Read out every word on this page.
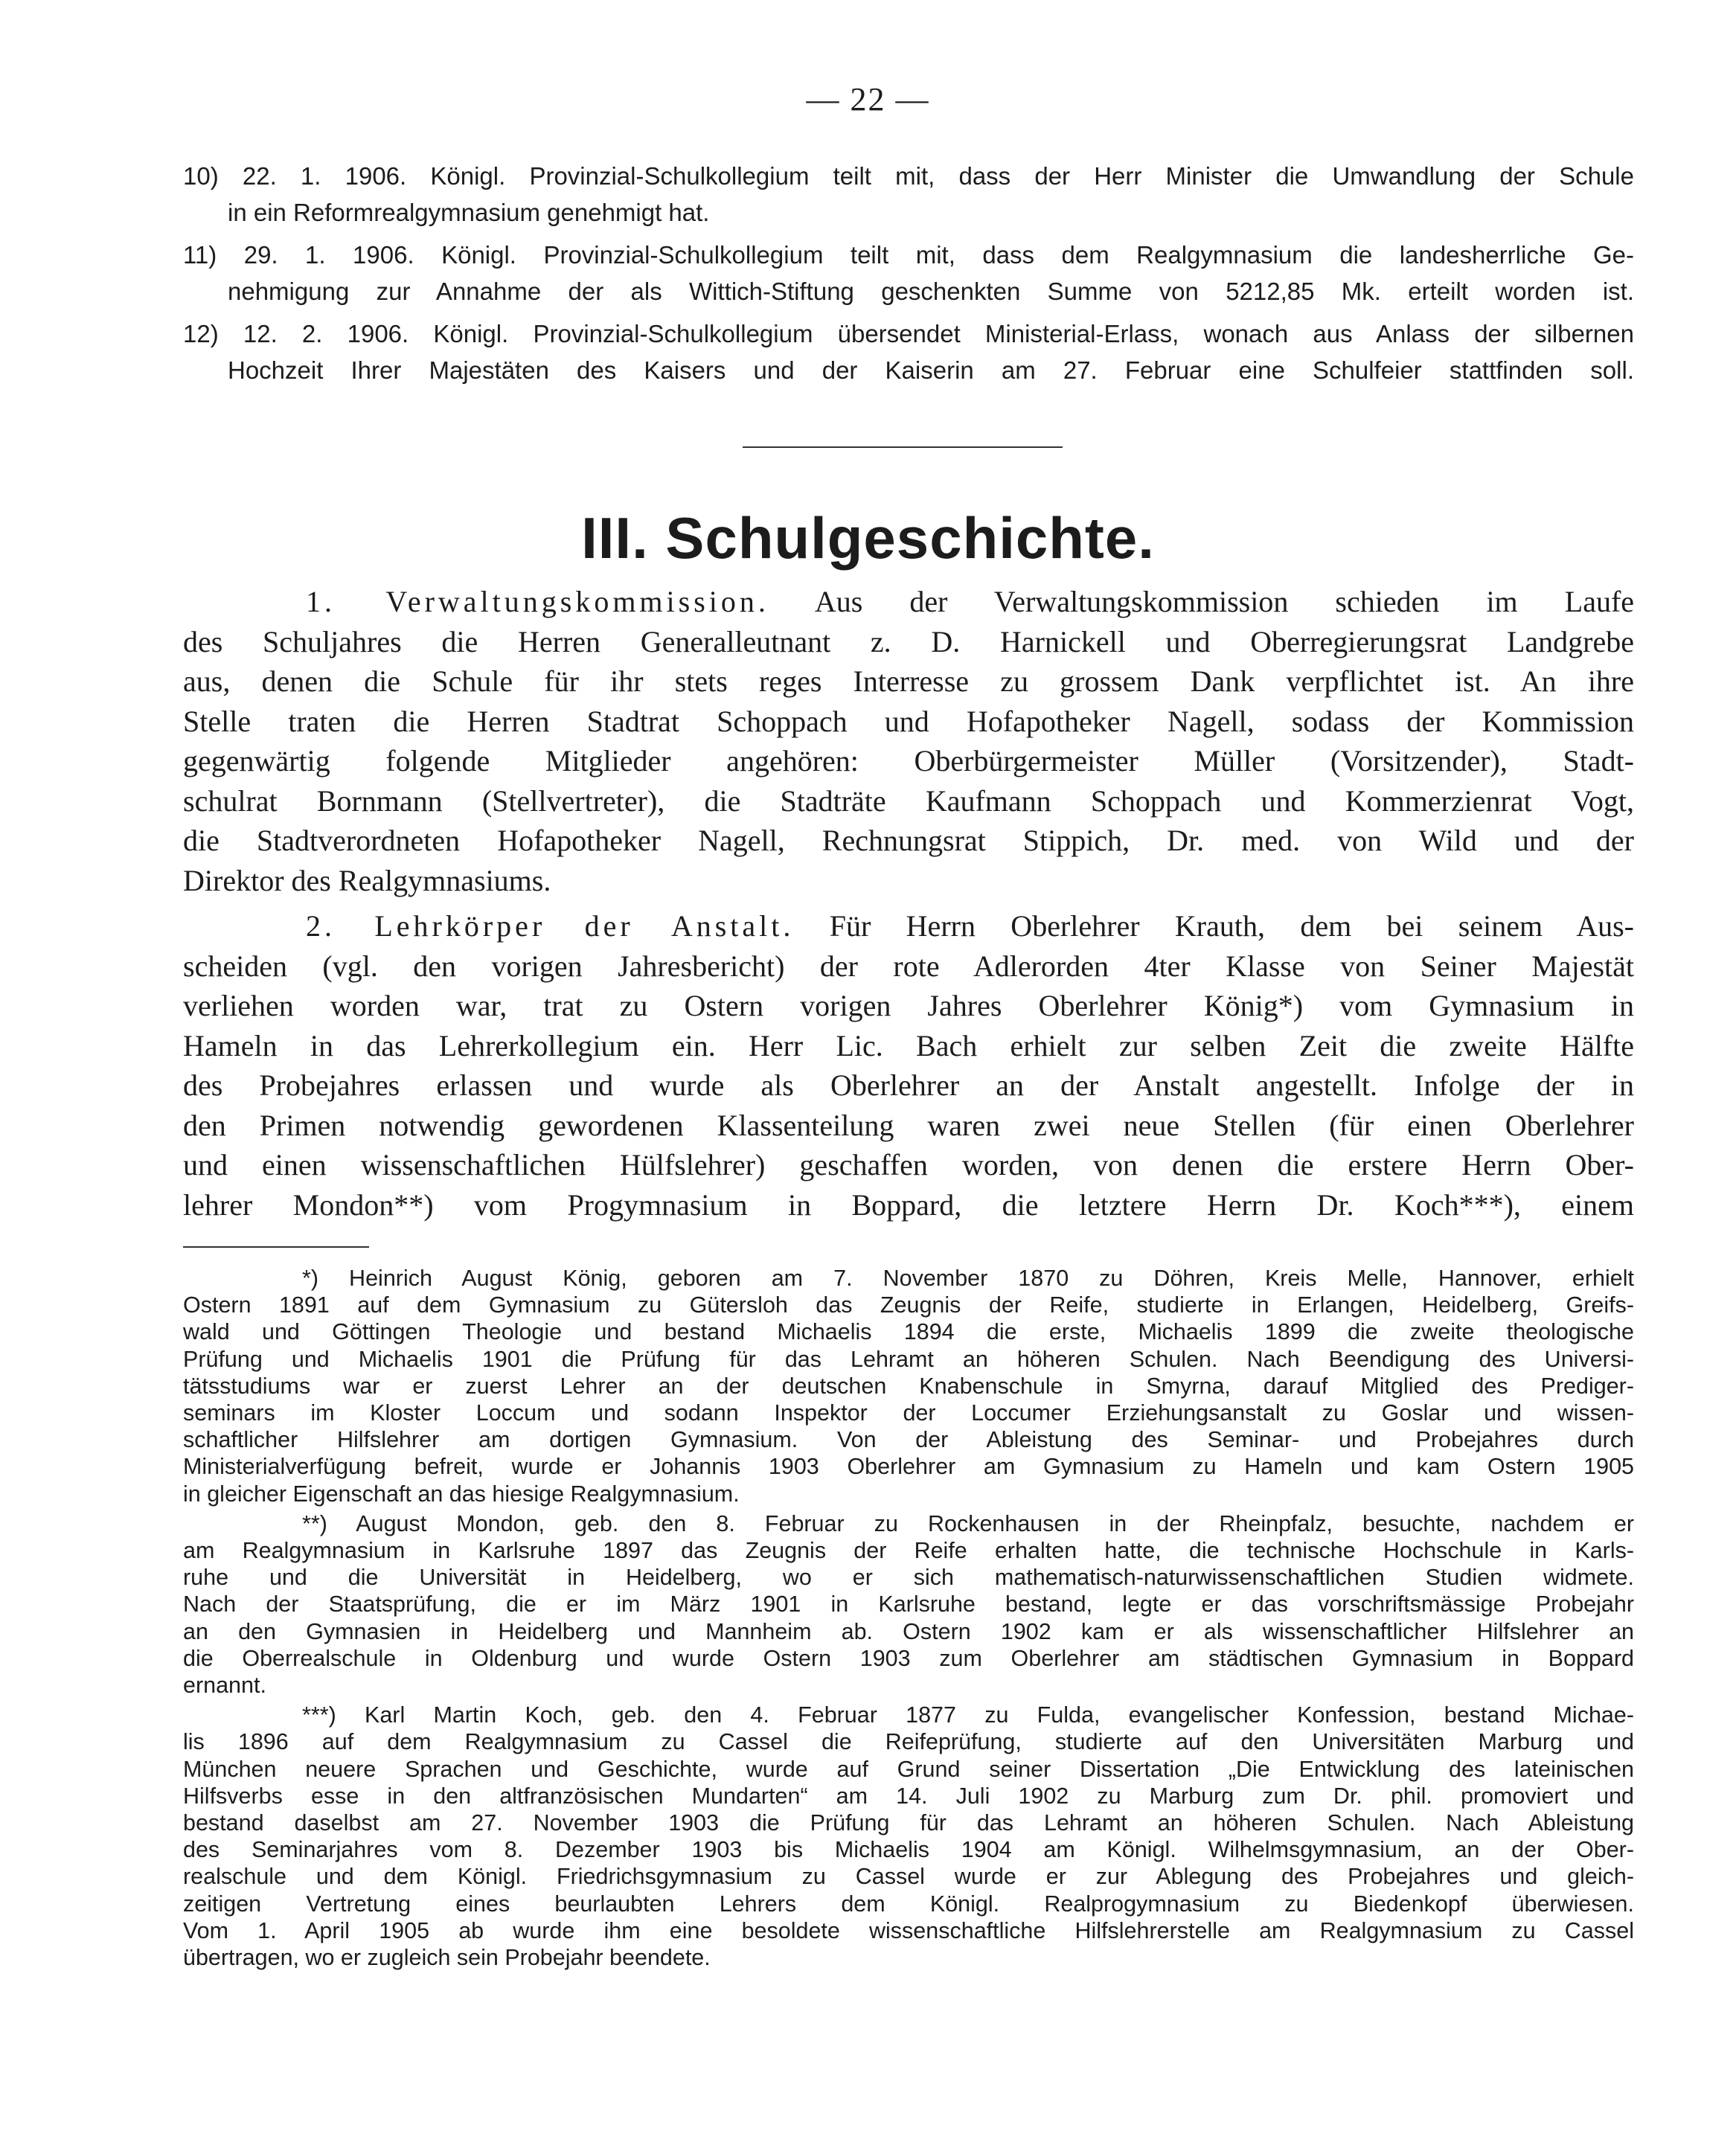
— 22 —
10) 22. 1. 1906. Königl. Provinzial-Schulkollegium teilt mit, dass der Herr Minister die Umwandlung der Schule
in ein Reformrealgymnasium genehmigt hat.
11) 29. 1. 1906. Königl. Provinzial-Schulkollegium teilt mit, dass dem Realgymnasium die landesherrliche Ge-
nehmigung zur Annahme der als Wittich-Stiftung geschenkten Summe von 5212,85 Mk. erteilt worden ist.
12) 12. 2. 1906. Königl. Provinzial-Schulkollegium übersendet Ministerial-Erlass, wonach aus Anlass der silbernen
Hochzeit Ihrer Majestäten des Kaisers und der Kaiserin am 27. Februar eine Schulfeier stattfinden soll.
III. Schulgeschichte.
1. Verwaltungskommission. Aus der Verwaltungskommission schieden im Laufe
des Schuljahres die Herren Generalleutnant z. D. Harnickell und Oberregierungsrat Landgrebe
aus, denen die Schule für ihr stets reges Interresse zu grossem Dank verpflichtet ist. An ihre
Stelle traten die Herren Stadtrat Schoppach und Hofapotheker Nagell, sodass der Kommission
gegenwärtig folgende Mitglieder angehören: Oberbürgermeister Müller (Vorsitzender), Stadt-
schulrat Bornmann (Stellvertreter), die Stadträte Kaufmann Schoppach und Kommerzienrat Vogt,
die Stadtverordneten Hofapotheker Nagell, Rechnungsrat Stippich, Dr. med. von Wild und der
Direktor des Realgymnasiums.
2. Lehrkörper der Anstalt. Für Herrn Oberlehrer Krauth, dem bei seinem Aus-
scheiden (vgl. den vorigen Jahresbericht) der rote Adlerorden 4ter Klasse von Seiner Majestät
verliehen worden war, trat zu Ostern vorigen Jahres Oberlehrer König*) vom Gymnasium in
Hameln in das Lehrerkollegium ein. Herr Lic. Bach erhielt zur selben Zeit die zweite Hälfte
des Probejahres erlassen und wurde als Oberlehrer an der Anstalt angestellt. Infolge der in
den Primen notwendig gewordenen Klassenteilung waren zwei neue Stellen (für einen Oberlehrer
und einen wissenschaftlichen Hülfslehrer) geschaffen worden, von denen die erstere Herrn Ober-
lehrer Mondon**) vom Progymnasium in Boppard, die letztere Herrn Dr. Koch***), einem
*) Heinrich August König, geboren am 7. November 1870 zu Döhren, Kreis Melle, Hannover, erhielt
Ostern 1891 auf dem Gymnasium zu Gütersloh das Zeugnis der Reife, studierte in Erlangen, Heidelberg, Greifs-
wald und Göttingen Theologie und bestand Michaelis 1894 die erste, Michaelis 1899 die zweite theologische
Prüfung und Michaelis 1901 die Prüfung für das Lehramt an höheren Schulen. Nach Beendigung des Universi-
tätsstudiums war er zuerst Lehrer an der deutschen Knabenschule in Smyrna, darauf Mitglied des Prediger-
seminars im Kloster Loccum und sodann Inspektor der Loccumer Erziehungsanstalt zu Goslar und wissen-
schaftlicher Hilfslehrer am dortigen Gymnasium. Von der Ableistung des Seminar- und Probejahres durch
Ministerialverfügung befreit, wurde er Johannis 1903 Oberlehrer am Gymnasium zu Hameln und kam Ostern 1905
in gleicher Eigenschaft an das hiesige Realgymnasium.
**) August Mondon, geb. den 8. Februar zu Rockenhausen in der Rheinpfalz, besuchte, nachdem er
am Realgymnasium in Karlsruhe 1897 das Zeugnis der Reife erhalten hatte, die technische Hochschule in Karls-
ruhe und die Universität in Heidelberg, wo er sich mathematisch-naturwissenschaftlichen Studien widmete.
Nach der Staatsprüfung, die er im März 1901 in Karlsruhe bestand, legte er das vorschriftsmässige Probejahr
an den Gymnasien in Heidelberg und Mannheim ab. Ostern 1902 kam er als wissenschaftlicher Hilfslehrer an
die Oberrealschule in Oldenburg und wurde Ostern 1903 zum Oberlehrer am städtischen Gymnasium in Boppard
ernannt.
***) Karl Martin Koch, geb. den 4. Februar 1877 zu Fulda, evangelischer Konfession, bestand Michae-
lis 1896 auf dem Realgymnasium zu Cassel die Reifeprüfung, studierte auf den Universitäten Marburg und
München neuere Sprachen und Geschichte, wurde auf Grund seiner Dissertation „Die Entwicklung des lateinischen
Hilfsverbs esse in den altfranzösischen Mundarten“ am 14. Juli 1902 zu Marburg zum Dr. phil. promoviert und
bestand daselbst am 27. November 1903 die Prüfung für das Lehramt an höheren Schulen. Nach Ableistung
des Seminarjahres vom 8. Dezember 1903 bis Michaelis 1904 am Königl. Wilhelmsgymnasium, an der Ober-
realschule und dem Königl. Friedrichsgymnasium zu Cassel wurde er zur Ablegung des Probejahres und gleich-
zeitigen Vertretung eines beurlaubten Lehrers dem Königl. Realprogymnasium zu Biedenkopf überwiesen.
Vom 1. April 1905 ab wurde ihm eine besoldete wissenschaftliche Hilfslehrerstelle am Realgymnasium zu Cassel
übertragen, wo er zugleich sein Probejahr beendete.
